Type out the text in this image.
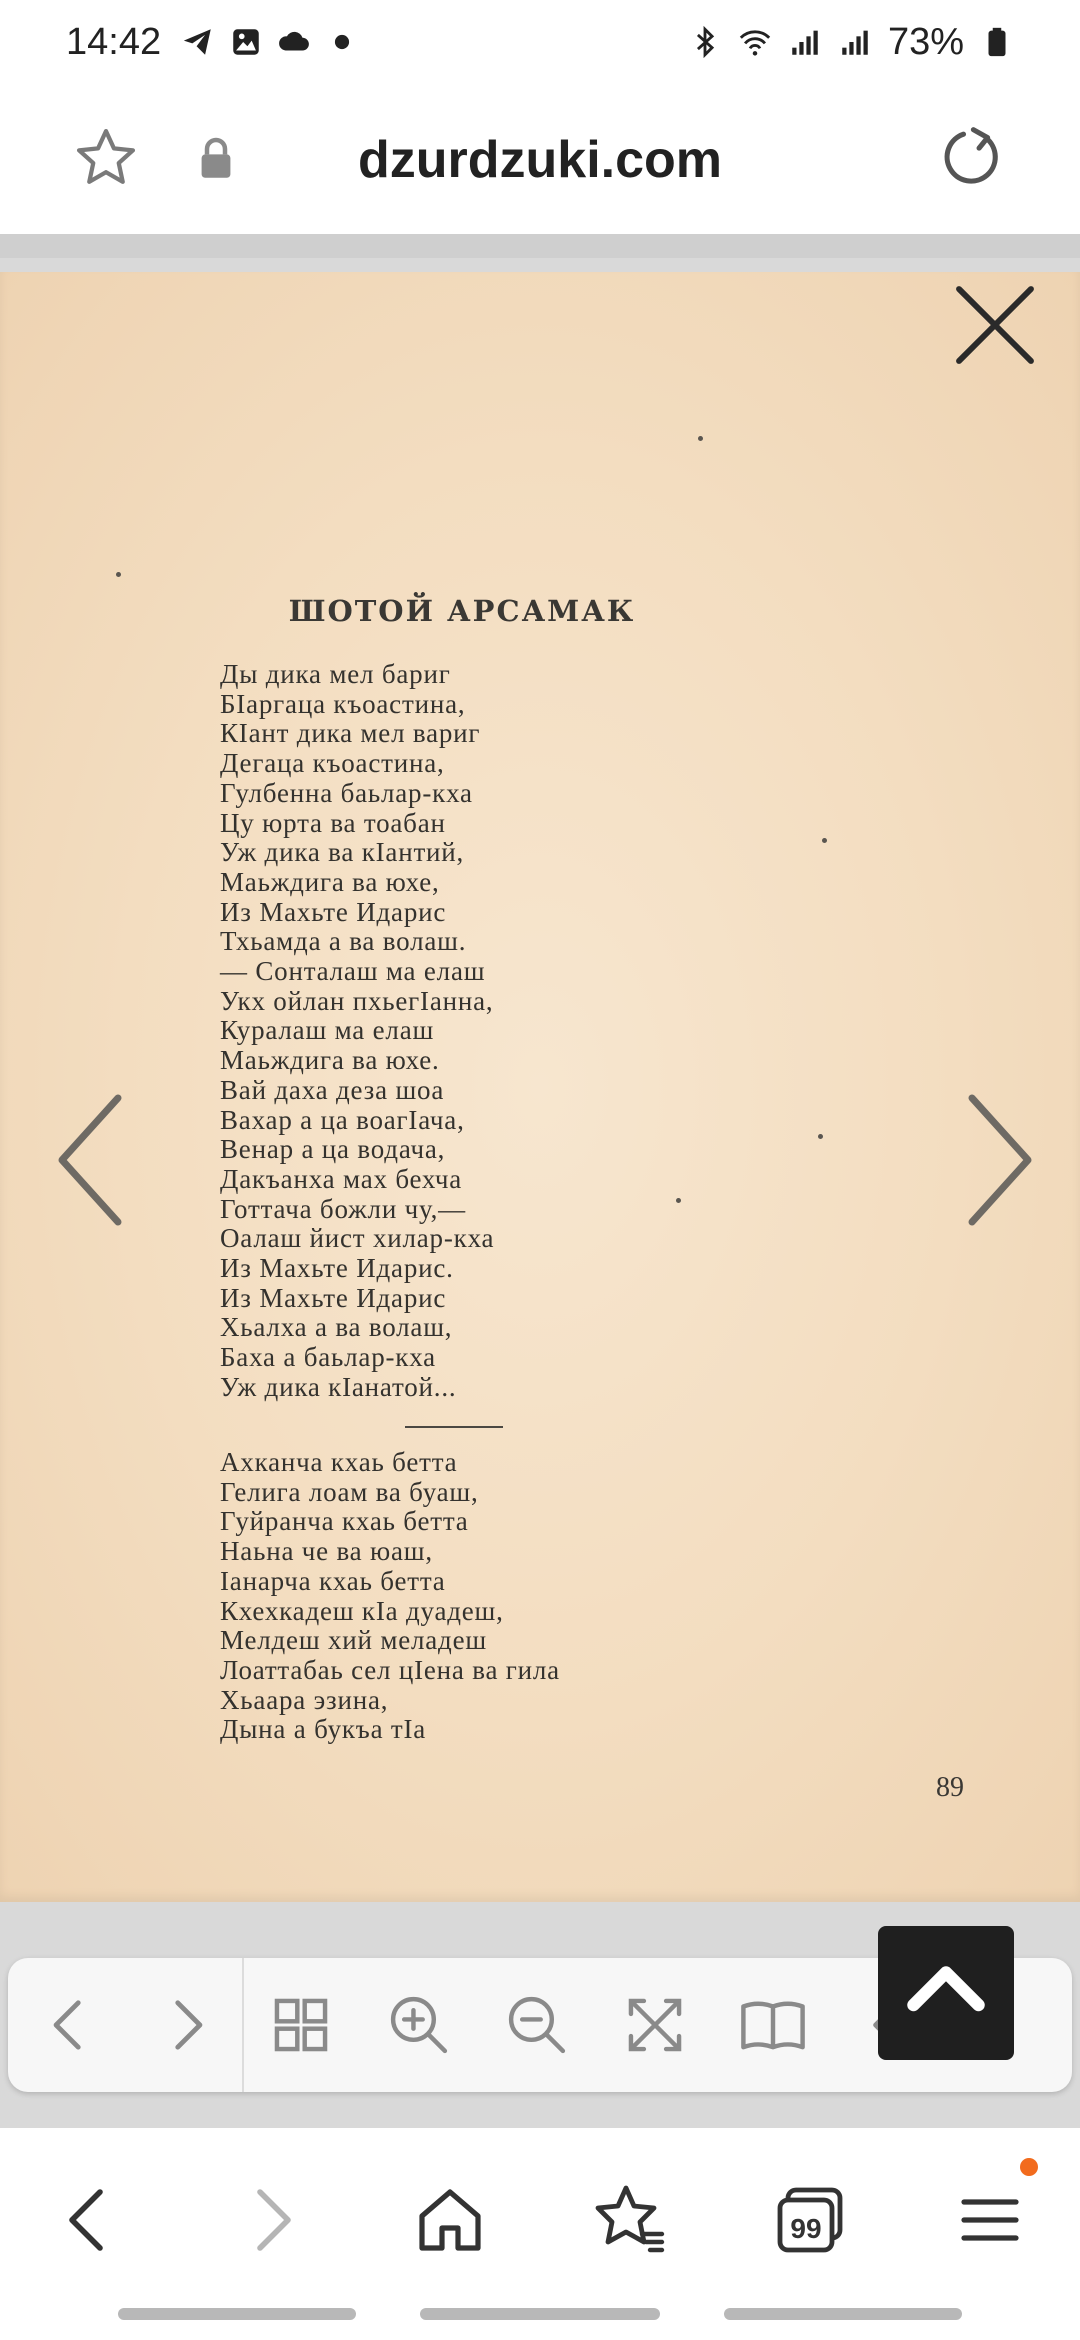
14:42	73%
dzurdzuki.com
ШОТОЙ АРСАМАК
Ды дика мел бариг
БІаргаца къоастина,
КІант дика мел вариг
Дегаца къоастина,
Гулбенна баьлар-кха
Цу юрта ва тоабан
Уж дика ва кІантий,
Маьждига ва юхе,
Из Махьте Идарис
Тхьамда а ва волаш.
— Сонталаш ма елаш
Укх ойлан пхьегІанна,
Куралаш ма елаш
Маьждига ва юхе.
Вай даха деза шоа
Вахар а ца воагІача,
Венар а ца водача,
Дакъанха мах бехча
Готтача божли чу,—
Оалаш йист хилар-кха
Из Махьте Идарис.
Из Махьте Идарис
Хьалха а ва волаш,
Баха а баьлар-кха
Уж дика кІанатой...
Ахканча кхаь бетта
Гелига лоам ва буаш,
Гуйранча кхаь бетта
Наьна че ва юаш,
Іанарча кхаь бетта
Кхехкадеш кІа дуадеш,
Мелдеш хий меладеш
Лоаттабаь сел цІена ва гила
Хьаара эзина,
Дына а букъа тІа
89
99
